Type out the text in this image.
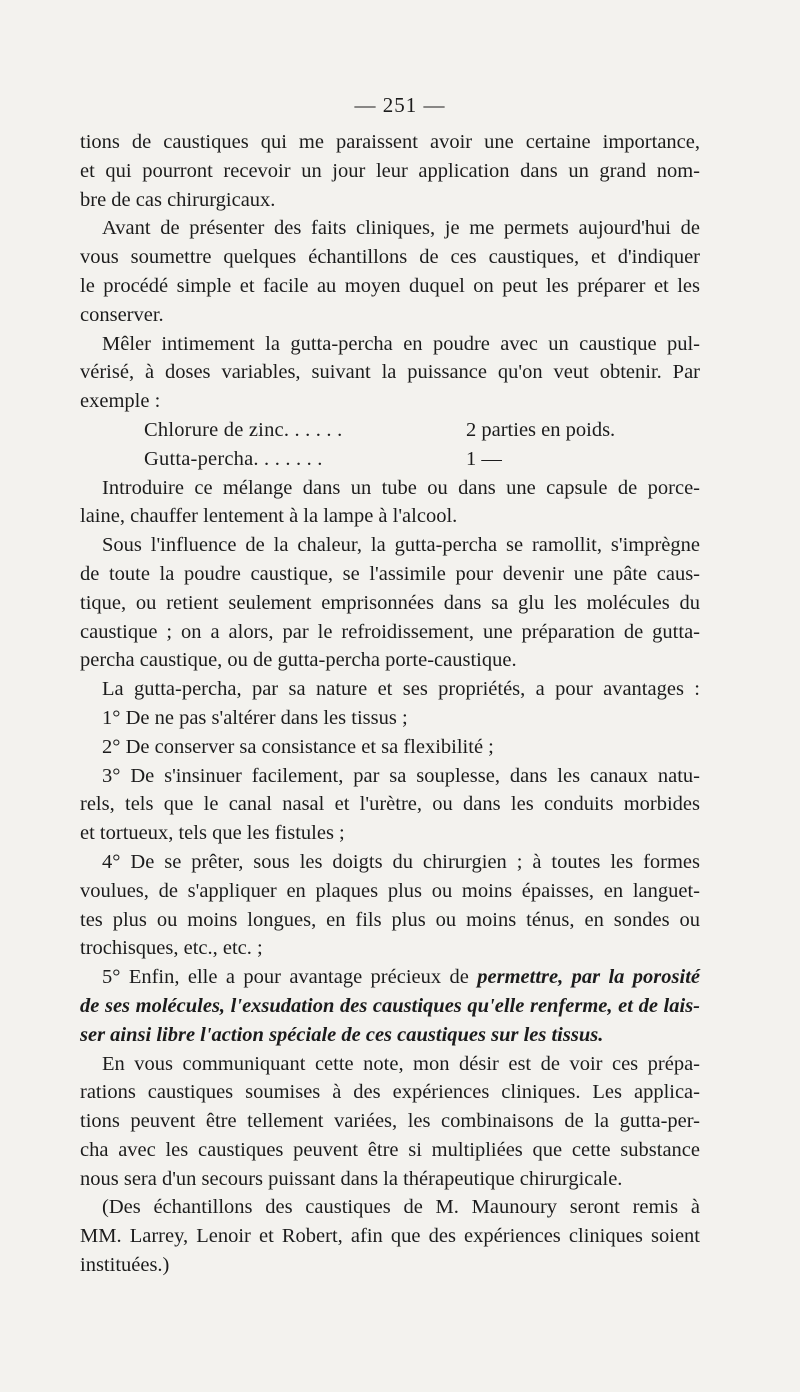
— 251 —

tions de caustiques qui me paraissent avoir une certaine importance,
et qui pourront recevoir un jour leur application dans un grand nom-
bre de cas chirurgicaux.

Avant de présenter des faits cliniques, je me permets aujourd'hui de
vous soumettre quelques échantillons de ces caustiques, et d'indiquer
le procédé simple et facile au moyen duquel on peut les préparer et les
conserver.

Mêler intimement la gutta-percha en poudre avec un caustique pul-
vérisé, à doses variables, suivant la puissance qu'on veut obtenir. Par
exemple :

Chlorure de zinc. . . . . .	2 parties en poids.
Gutta-percha. . . . . . .	1 —

Introduire ce mélange dans un tube ou dans une capsule de porce-
laine, chauffer lentement à la lampe à l'alcool.

Sous l'influence de la chaleur, la gutta-percha se ramollit, s'imprègne
de toute la poudre caustique, se l'assimile pour devenir une pâte caus-
tique, ou retient seulement emprisonnées dans sa glu les molécules du
caustique ; on a alors, par le refroidissement, une préparation de gutta-
percha caustique, ou de gutta-percha porte-caustique.

La gutta-percha, par sa nature et ses propriétés, a pour avantages :

1° De ne pas s'altérer dans les tissus ;

2° De conserver sa consistance et sa flexibilité ;

3° De s'insinuer facilement, par sa souplesse, dans les canaux natu-
rels, tels que le canal nasal et l'urètre, ou dans les conduits morbides
et tortueux, tels que les fistules ;

4° De se prêter, sous les doigts du chirurgien ; à toutes les formes
voulues, de s'appliquer en plaques plus ou moins épaisses, en languet-
tes plus ou moins longues, en fils plus ou moins ténus, en sondes ou
trochisques, etc., etc. ;

5° Enfin, elle a pour avantage précieux de permettre, par la porosité
de ses molécules, l'exsudation des caustiques qu'elle renferme, et de lais-
ser ainsi libre l'action spéciale de ces caustiques sur les tissus.

En vous communiquant cette note, mon désir est de voir ces prépa-
rations caustiques soumises à des expériences cliniques. Les applica-
tions peuvent être tellement variées, les combinaisons de la gutta-per-
cha avec les caustiques peuvent être si multipliées que cette substance
nous sera d'un secours puissant dans la thérapeutique chirurgicale.

(Des échantillons des caustiques de M. Maunoury seront remis à
MM. Larrey, Lenoir et Robert, afin que des expériences cliniques soient
instituées.)
